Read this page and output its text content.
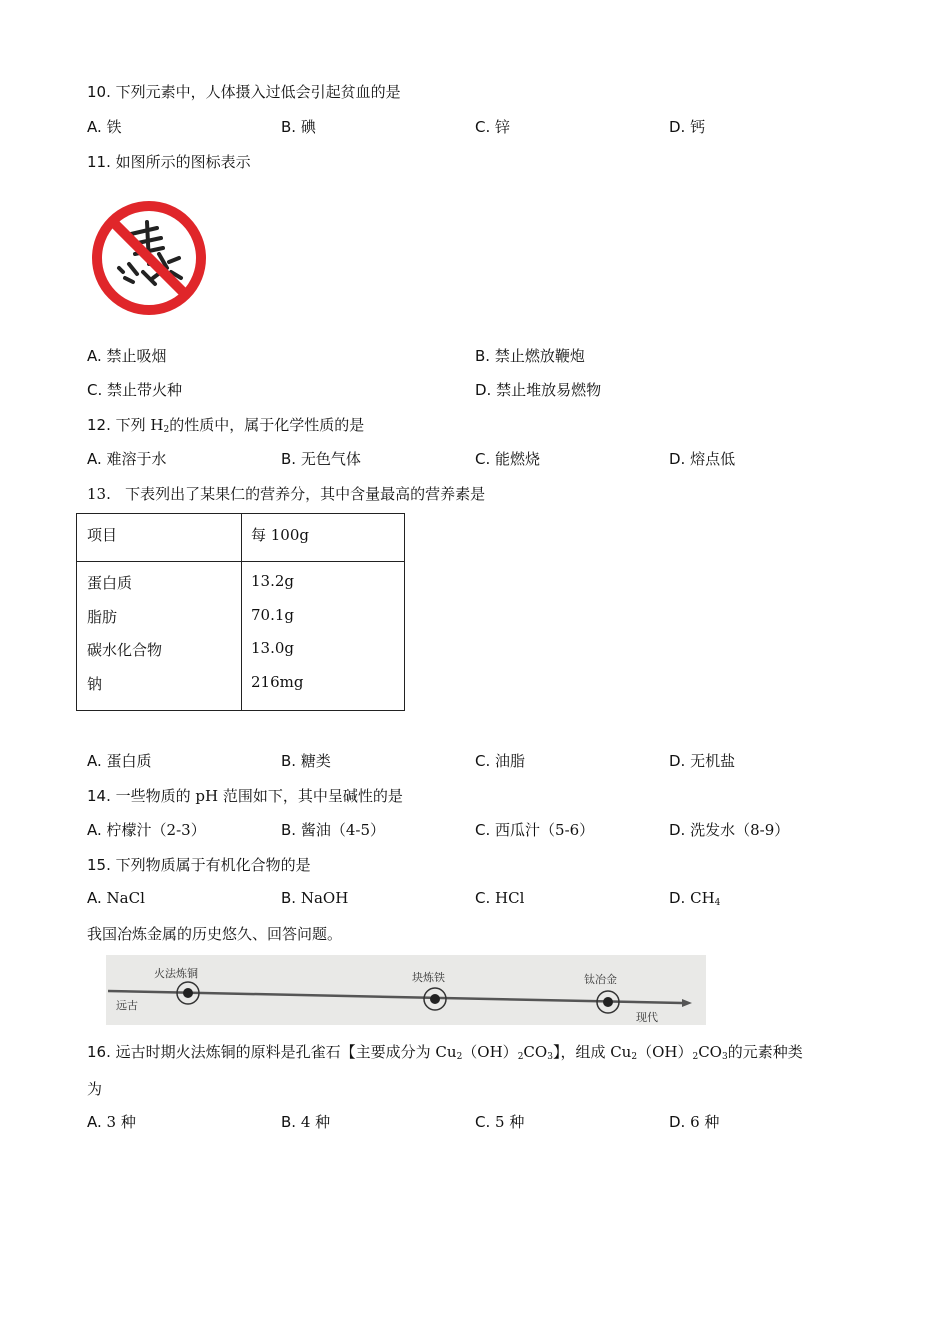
10. 下列元素中，人体摄入过低会引起贫血的是
A. 铁	B. 碘	C. 锌	D. 钙
11. 如图所示的图标表示
A. 禁止吸烟	B. 禁止燃放鞭炮
C. 禁止带火种	D. 禁止堆放易燃物
12. 下列 $H_2$的性质中，属于化学性质的是
A. 难溶于水	B. 无色气体	C. 能燃烧	D. 熔点低
13. 下表列出了某果仁的营养分，其中含量最高的营养素是
项目	每 100g
蛋白质	13.2g
脂肪	70.1g
碳水化合物	13.0g
钠	216mg
A. 蛋白质	B. 糖类	C. 油脂	D. 无机盐
14. 一些物质的 pH 范围如下，其中呈碱性的是
A. 柠檬汁（2-3）	B. 酱油（4-5）	C. 西瓜汁（5-6）	D. 洗发水（8-9）
15. 下列物质属于有机化合物的是
A. NaCl	B. NaOH	C. HCl	D. $CH_4$
我国冶炼金属的历史悠久、回答问题。
火法炼铜	块炼铁	钛冶金
远古
现代
16. 远古时期火法炼铜的原料是孔雀石【主要成分为 $Cu_2(OH)_2CO_3$】，组成 $Cu_2(OH)_2CO_3$的元素种类
为
A. 3 种	B. 4 种	C. 5 种	D. 6 种
